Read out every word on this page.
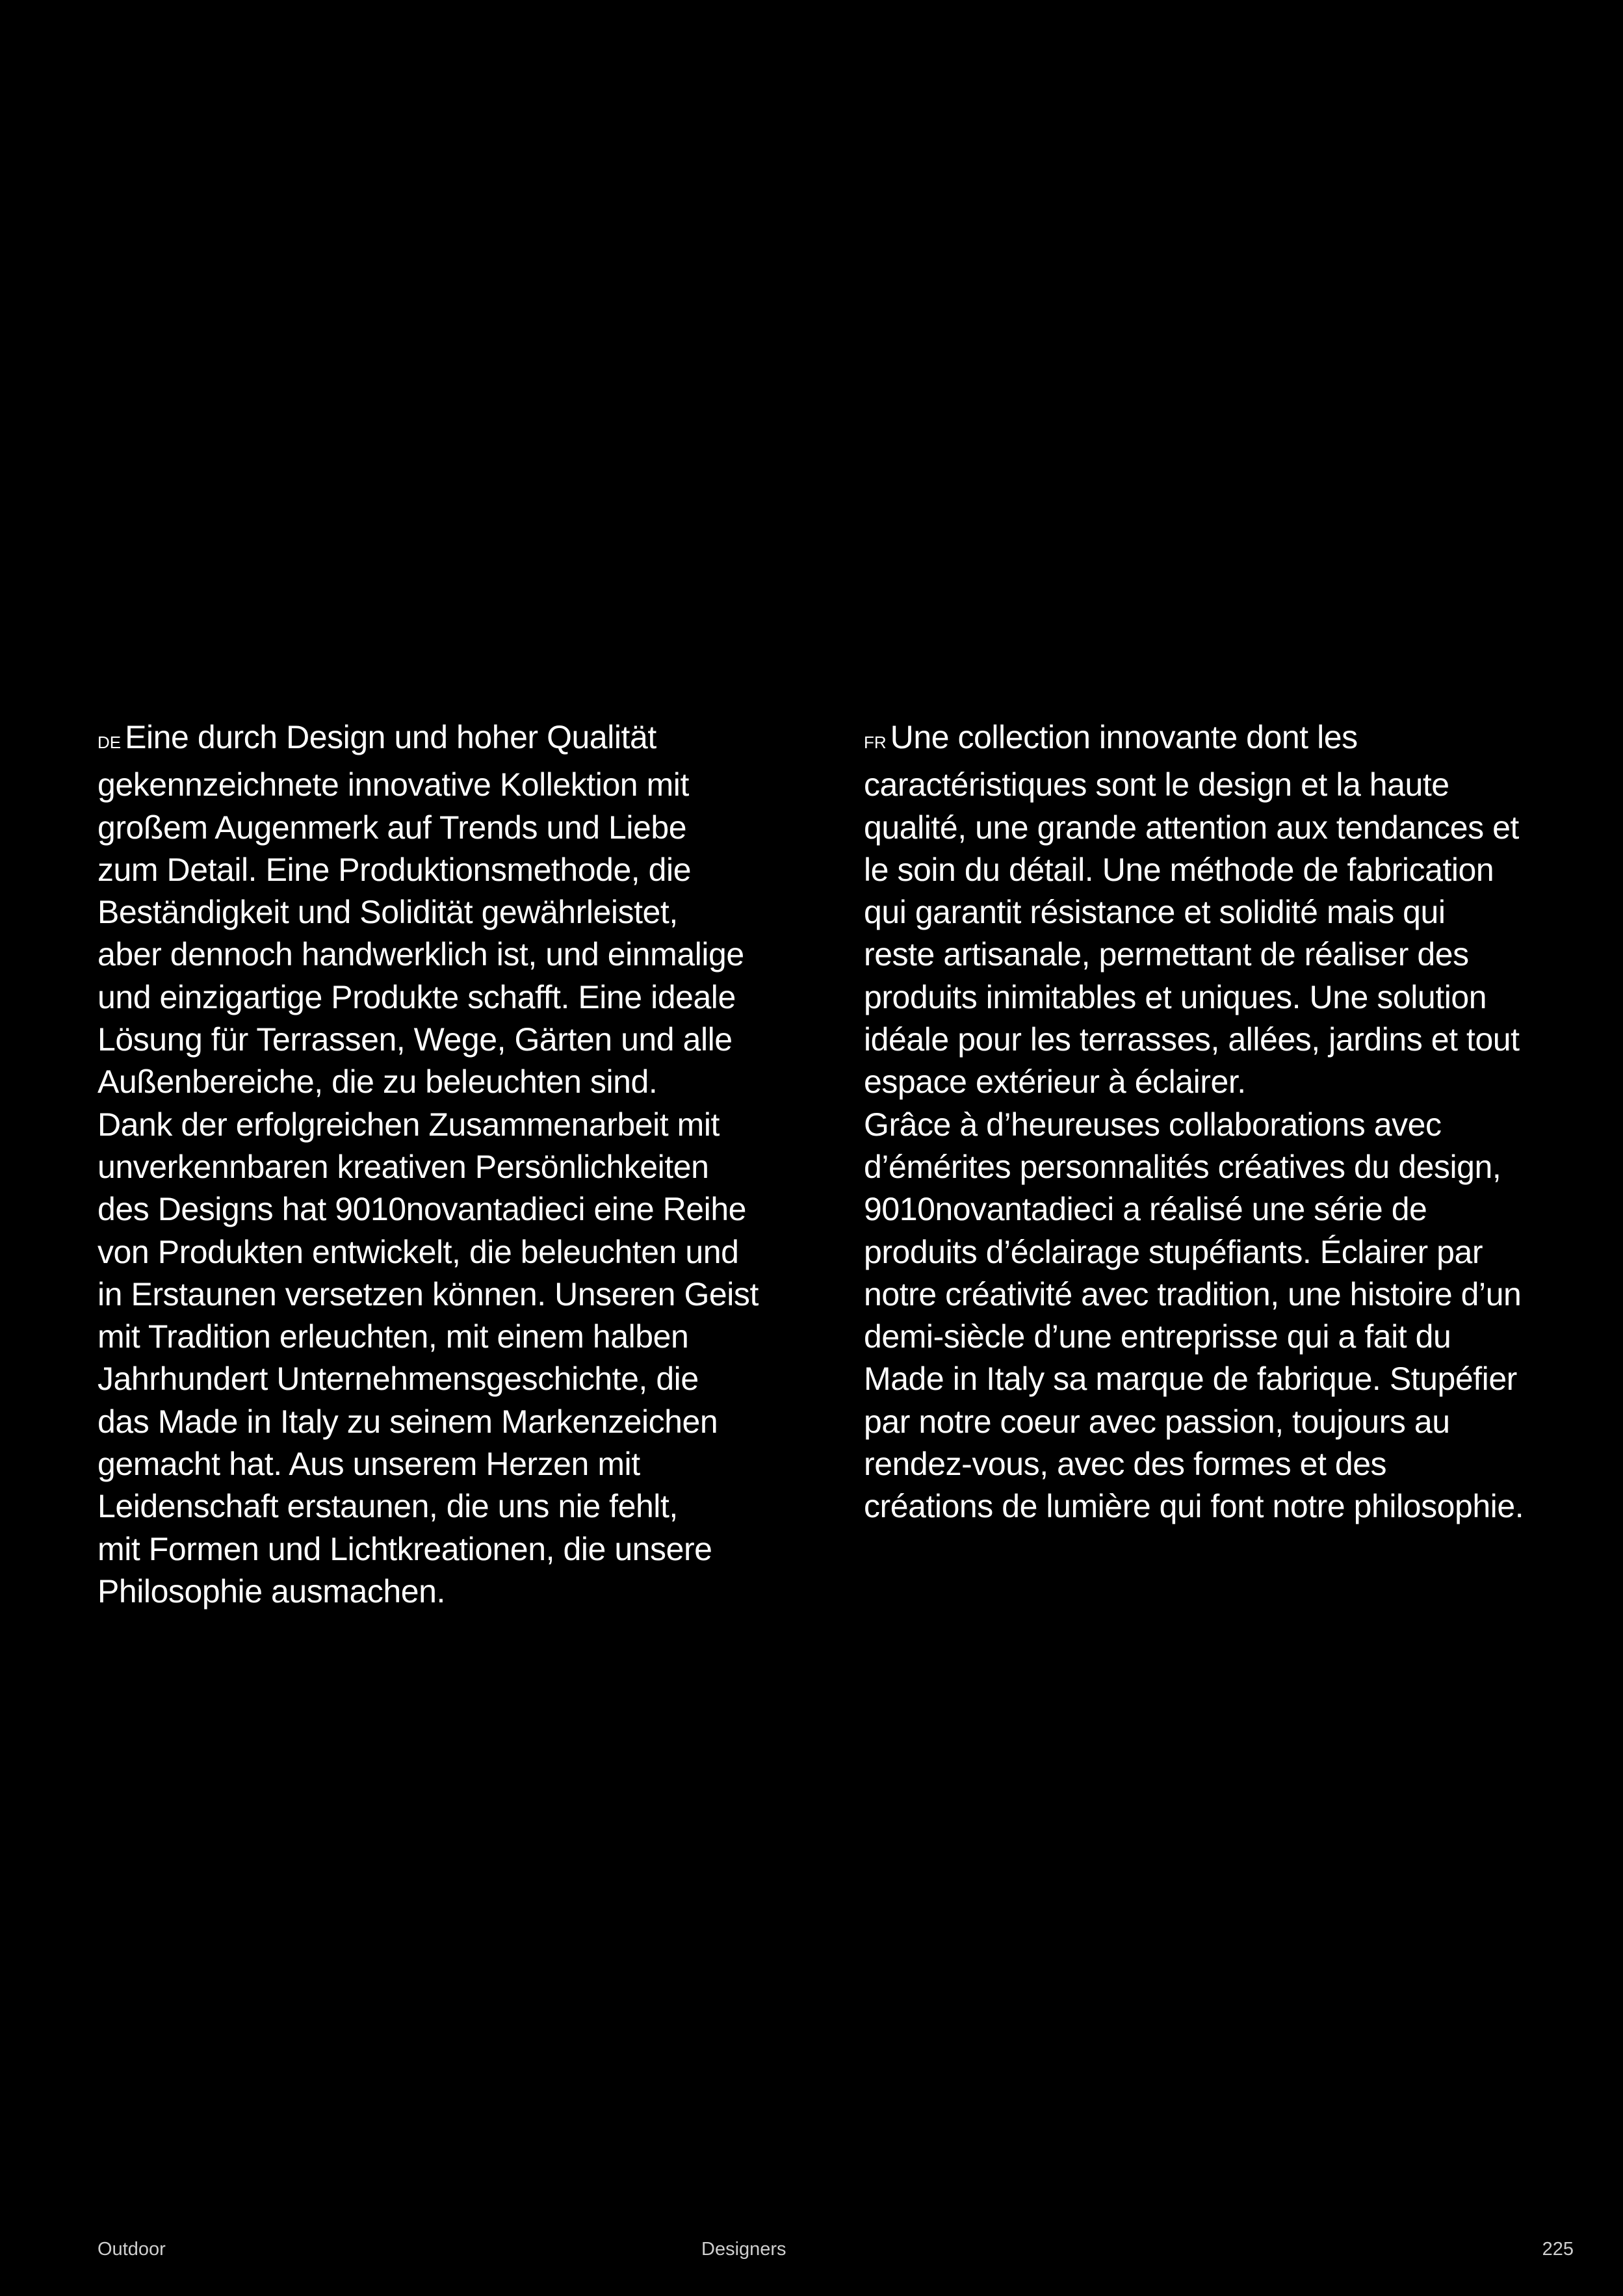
DE Eine durch Design und hoher Qualität
gekennzeichnete innovative Kollektion mit
großem Augenmerk auf Trends und Liebe
zum Detail. Eine Produktionsmethode, die
Beständigkeit und Solidität gewährleistet,
aber dennoch handwerklich ist, und einmalige
und einzigartige Produkte schafft. Eine ideale
Lösung für Terrassen, Wege, Gärten und alle
Außenbereiche, die zu beleuchten sind.
Dank der erfolgreichen Zusammenarbeit mit
unverkennbaren kreativen Persönlichkeiten
des Designs hat 9010novantadieci eine Reihe
von Produkten entwickelt, die beleuchten und
in Erstaunen versetzen können. Unseren Geist
mit Tradition erleuchten, mit einem halben
Jahrhundert Unternehmensgeschichte, die
das Made in Italy zu seinem Markenzeichen
gemacht hat. Aus unserem Herzen mit
Leidenschaft erstaunen, die uns nie fehlt,
mit Formen und Lichtkreationen, die unsere
Philosophie ausmachen.
FR Une collection innovante dont les
caractéristiques sont le design et la haute
qualité, une grande attention aux tendances et
le soin du détail. Une méthode de fabrication
qui garantit résistance et solidité mais qui
reste artisanale, permettant de réaliser des
produits inimitables et uniques. Une solution
idéale pour les terrasses, allées, jardins et tout
espace extérieur à éclairer.
Grâce à d’heureuses collaborations avec
d’émérites personnalités créatives du design,
9010novantadieci a réalisé une série de
produits d’éclairage stupéfiants. Éclairer par
notre créativité avec tradition, une histoire d’un
demi-siècle d’une entreprisse qui a fait du
Made in Italy sa marque de fabrique. Stupéfier
par notre coeur avec passion, toujours au
rendez-vous, avec des formes et des
créations de lumière qui font notre philosophie.
Outdoor	Designers	225
